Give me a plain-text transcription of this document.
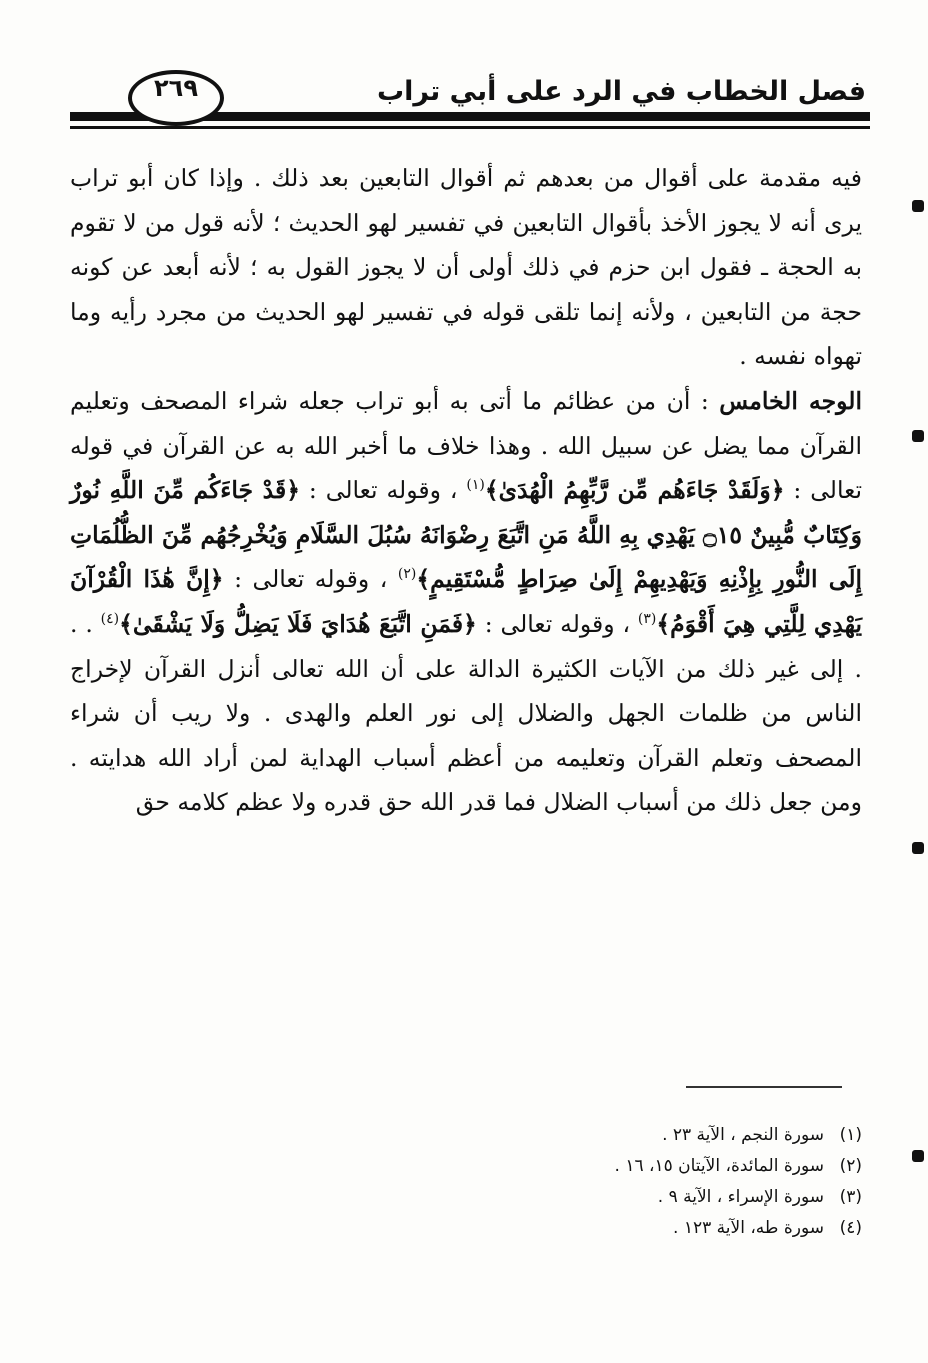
فصل الخطاب في الرد على أبي تراب
٢٦٩

فيه مقدمة على أقوال من بعدهم ثم أقوال التابعين بعد ذلك . وإذا كان أبو تراب يرى أنه لا يجوز الأخذ بأقوال التابعين في تفسير لهو الحديث ؛ لأنه قول من لا تقوم به الحجة ـ فقول ابن حزم في ذلك أولى أن لا يجوز القول به ؛ لأنه أبعد عن كونه حجة من التابعين ، ولأنه إنما تلقى قوله في تفسير لهو الحديث من مجرد رأيه وما تهواه نفسه .

الوجه الخامس : أن من عظائم ما أتى به أبو تراب جعله شراء المصحف وتعليم القرآن مما يضل عن سبيل الله . وهذا خلاف ما أخبر الله به عن القرآن في قوله تعالى : ﴿وَلَقَدْ جَاءَهُم مِّن رَّبِّهِمُ الْهُدَىٰ﴾$^{(١)}$ ، وقوله تعالى : ﴿قَدْ جَاءَكُم مِّنَ اللَّهِ نُورٌ وَكِتَابٌ مُّبِينٌ ۝١٥ يَهْدِي بِهِ اللَّهُ مَنِ اتَّبَعَ رِضْوَانَهُ سُبُلَ السَّلَامِ وَيُخْرِجُهُم مِّنَ الظُّلُمَاتِ إِلَى النُّورِ بِإِذْنِهِ وَيَهْدِيهِمْ إِلَىٰ صِرَاطٍ مُّسْتَقِيمٍ﴾$^{(٢)}$ ، وقوله تعالى : ﴿إِنَّ هَٰذَا الْقُرْآنَ يَهْدِي لِلَّتِي هِيَ أَقْوَمُ﴾$^{(٣)}$ ، وقوله تعالى : ﴿فَمَنِ اتَّبَعَ هُدَايَ فَلَا يَضِلُّ وَلَا يَشْقَىٰ﴾$^{(٤)}$ . . . إلى غير ذلك من الآيات الكثيرة الدالة على أن الله تعالى أنزل القرآن لإخراج الناس من ظلمات الجهل والضلال إلى نور العلم والهدى . ولا ريب أن شراء المصحف وتعلم القرآن وتعليمه من أعظم أسباب الهداية لمن أراد الله هدايته . ومن جعل ذلك من أسباب الضلال فما قدر الله حق قدره ولا عظم كلامه حق

(١)سورة النجم ، الآية ٢٣ .
(٢)سورة المائدة، الآيتان ١٥، ١٦ .
(٣)سورة الإسراء ، الآية ٩ .
(٤)سورة طه، الآية ١٢٣ .
